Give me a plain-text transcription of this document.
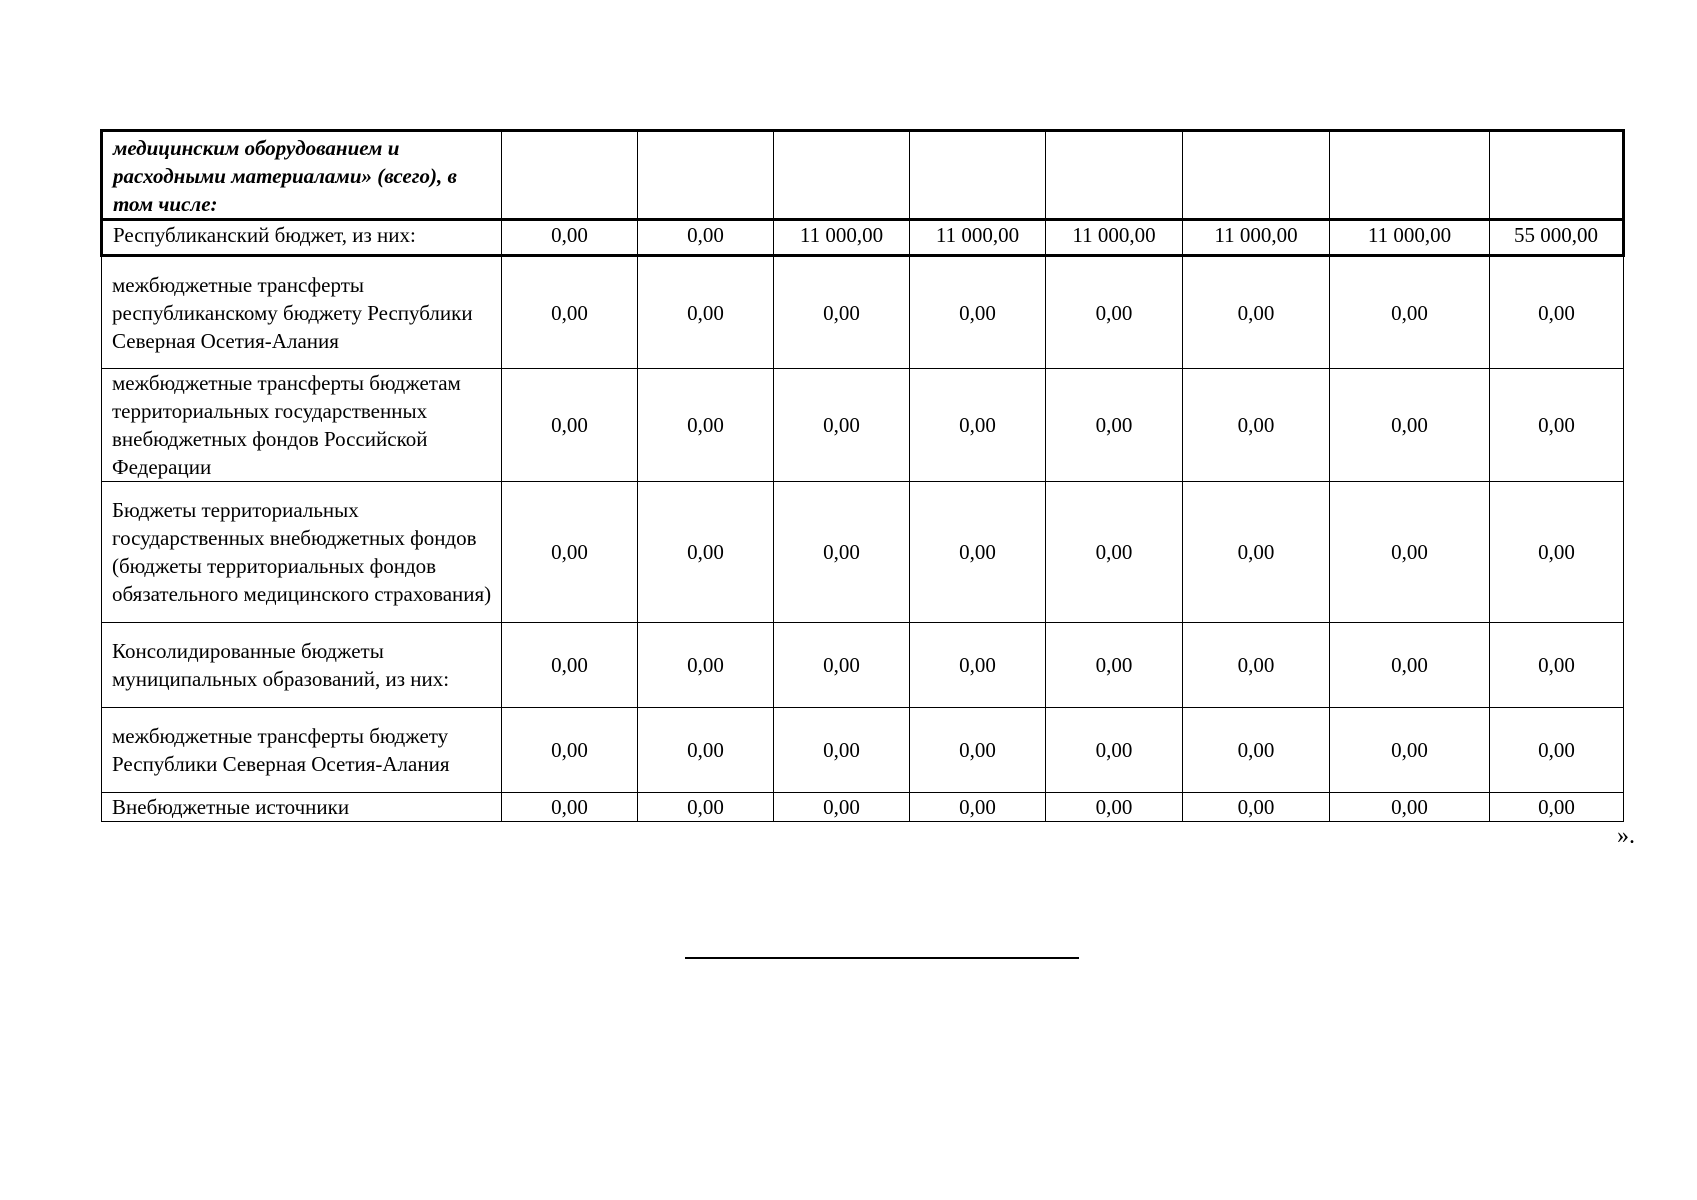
медицинским оборудованием и расходными материалами» (всего), в том числе:								
Республиканский бюджет, из них:	0,00	0,00	11 000,00	11 000,00	11 000,00	11 000,00	11 000,00	55 000,00
межбюджетные трансферты республиканскому бюджету Республики Северная Осетия-Алания	0,00	0,00	0,00	0,00	0,00	0,00	0,00	0,00
межбюджетные трансферты бюджетам территориальных государственных внебюджетных фондов Российской Федерации	0,00	0,00	0,00	0,00	0,00	0,00	0,00	0,00
Бюджеты территориальных государственных внебюджетных фондов (бюджеты территориальных фондов обязательного медицинского страхования)	0,00	0,00	0,00	0,00	0,00	0,00	0,00	0,00
Консолидированные бюджеты муниципальных образований, из них:	0,00	0,00	0,00	0,00	0,00	0,00	0,00	0,00
межбюджетные трансферты бюджету Республики Северная Осетия-Алания	0,00	0,00	0,00	0,00	0,00	0,00	0,00	0,00
Внебюджетные источники	0,00	0,00	0,00	0,00	0,00	0,00	0,00	0,00
».
